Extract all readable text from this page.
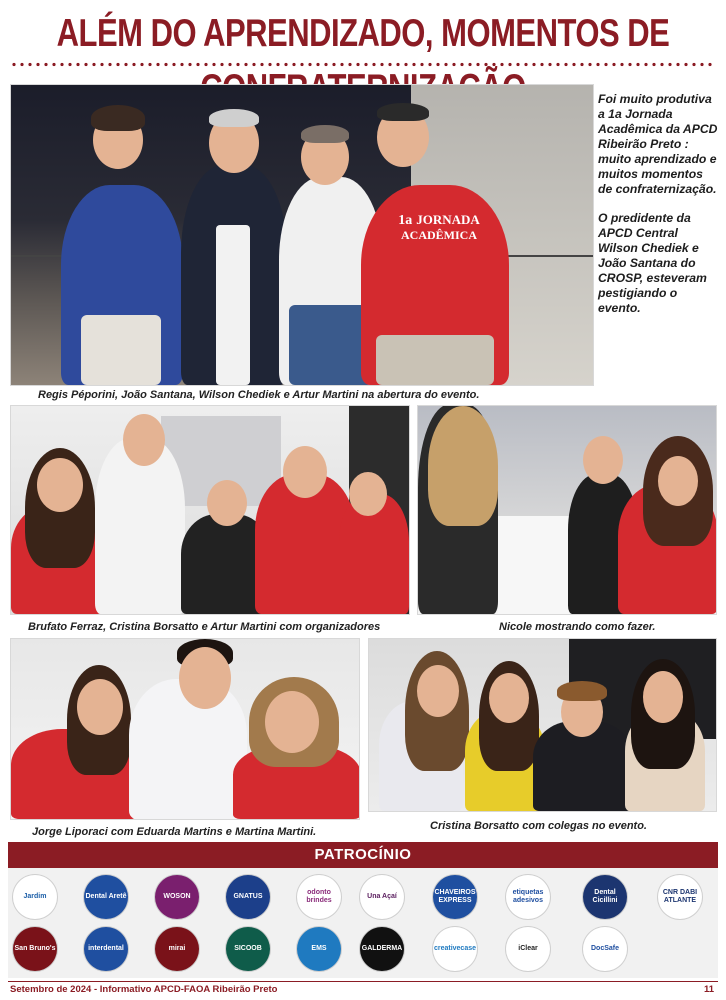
ALÉM DO APRENDIZADO, MOMENTOS DE
1a JORNADA
ACADÊMICA
Regis Péporini, João Santana, Wilson Chediek e Artur Martini na abertura do evento.

Foi muito produtiva a 1a Jornada Acadêmica da APCD Ribeirão Preto : muito aprendizado e muitos momentos de confraternização.

O predidente da APCD Central Wilson Chediek e João Santana do CROSP, esteveram pestigiando o evento.

Brufato Ferraz, Cristina Borsatto e Artur Martini com organizadores	Nicole mostrando como fazer.
Jorge Liporaci com Eduarda Martins e Martina Martini.	Cristina Borsatto com colegas no evento.
PATROCÍNIO
Jardim	Dental Aretê	WOSON	GNATUS
odonto brindes
Una Açaí
CHAVEIROS EXPRESS
etiquetas adesivos
Dental Cicillini
CNR DABI ATLANTE
San Bruno's	interdental	mirai	SICOOB	EMS	GALDERMA	creativecase	iClear	DocSafe
Setembro de 2024 - Informativo APCD-FAOA Ribeirão Preto	11
